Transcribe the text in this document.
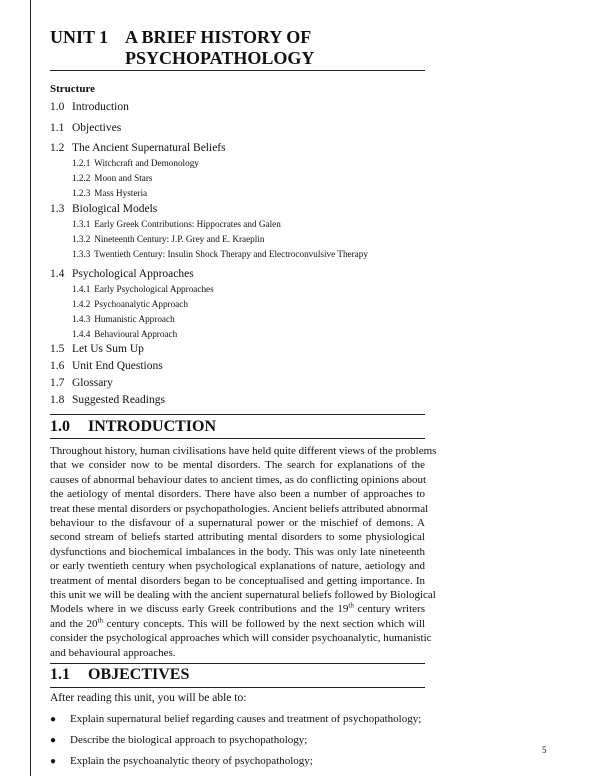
UNIT 1 A BRIEF HISTORY OF
PSYCHOPATHOLOGY
Structure
1.0 Introduction
1.1 Objectives
1.2 The Ancient Supernatural Beliefs
1.2.1 Witchcraft and Demonology
1.2.2 Moon and Stars
1.2.3 Mass Hysteria
1.3 Biological Models
1.3.1 Early Greek Contributions: Hippocrates and Galen
1.3.2 Nineteenth Century: J.P. Grey and E. Kraeplin
1.3.3 Twentieth Century: Insulin Shock Therapy and Electroconvulsive Therapy
1.4 Psychological Approaches
1.4.1 Early Psychological Approaches
1.4.2 Psychoanalytic Approach
1.4.3 Humanistic Approach
1.4.4 Behavioural Approach
1.5 Let Us Sum Up
1.6 Unit End Questions
1.7 Glossary
1.8 Suggested Readings
1.0 INTRODUCTION
Throughout history, human civilisations have held quite different views of the problems
that we consider now to be mental disorders. The search for explanations of the
causes of abnormal behaviour dates to ancient times, as do conflicting opinions about
the aetiology of mental disorders. There have also been a number of approaches to
treat these mental disorders or psychopathologies. Ancient beliefs attributed abnormal
behaviour to the disfavour of a supernatural power or the mischief of demons. A
second stream of beliefs started attributing mental disorders to some physiological
dysfunctions and biochemical imbalances in the body. This was only late nineteenth
or early twentieth century when psychological explanations of nature, aetiology and
treatment of mental disorders began to be conceptualised and getting importance. In
this unit we will be dealing with the ancient supernatural beliefs followed by Biological
Models where in we discuss early Greek contributions and the 19th century writers
and the 20th century concepts. This will be followed by the next section which will
consider the psychological approaches which will consider psychoanalytic, humanistic
and behavioural approaches.
1.1 OBJECTIVES
After reading this unit, you will be able to:
● Explain supernatural belief regarding causes and treatment of psychopathology;
● Describe the biological approach to psychopathology;
● Explain the psychoanalytic theory of psychopathology;
5
